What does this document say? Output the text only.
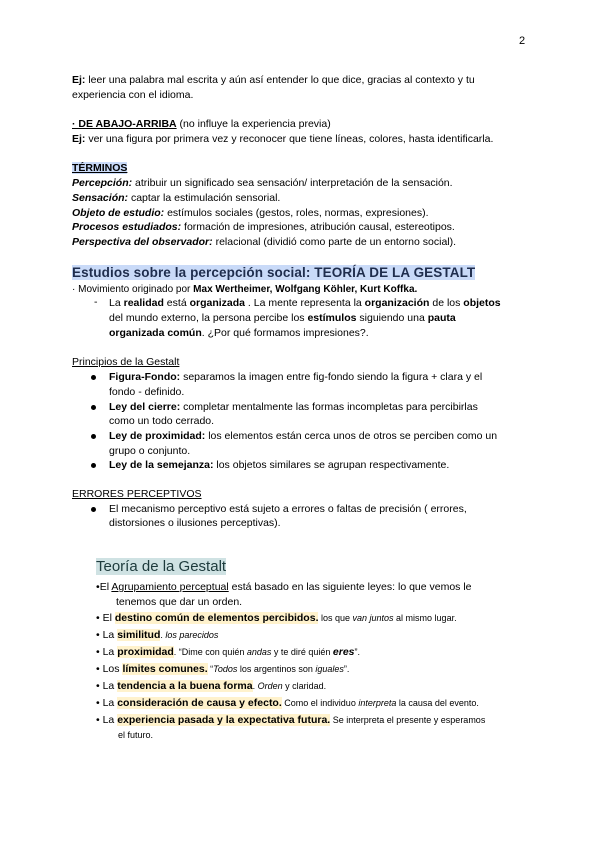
2
Ej: leer una palabra mal escrita y aún así entender lo que dice, gracias al contexto y tu
experiencia con el idioma.
· DE ABAJO-ARRIBA (no influye la experiencia previa)
Ej: ver una figura por primera vez y reconocer que tiene líneas, colores, hasta identificarla.
TÉRMINOS
Percepción: atribuir un significado sea sensación/ interpretación de la sensación.
Sensación: captar la estimulación sensorial.
Objeto de estudio: estímulos sociales (gestos, roles, normas, expresiones).
Procesos estudiados: formación de impresiones, atribución causal, estereotipos.
Perspectiva del observador: relacional (dividió como parte de un entorno social).
Estudios sobre la percepción social: TEORÍA DE LA GESTALT
· Movimiento originado por Max Wertheimer, Wolfgang Köhler, Kurt Koffka.
- La realidad está organizada . La mente representa la organización de los objetos
del mundo externo, la persona percibe los estímulos siguiendo una pauta
organizada común. ¿Por qué formamos impresiones?.
Principios de la Gestalt
Figura-Fondo: separamos la imagen entre fig-fondo siendo la figura + clara y el
fondo - definido.
Ley del cierre: completar mentalmente las formas incompletas para percibirlas
como un todo cerrado.
Ley de proximidad: los elementos están cerca unos de otros se perciben como un
grupo o conjunto.
Ley de la semejanza: los objetos similares se agrupan respectivamente.
ERRORES PERCEPTIVOS
El mecanismo perceptivo está sujeto a errores o faltas de precisión ( errores,
distorsiones o ilusiones perceptivas).
Teoría de la Gestalt
•El Agrupamiento perceptual está basado en las siguiente leyes: lo que vemos le
tenemos que dar un orden.
• El destino común de elementos percibidos. los que van juntos al mismo lugar.
• La similitud. los parecidos
• La proximidad. “Dime con quién andas y te diré quién eres”.
• Los límites comunes. “Todos los argentinos son iguales”.
• La tendencia a la buena forma. Orden y claridad.
• La consideración de causa y efecto. Como el individuo interpreta la causa del evento.
• La experiencia pasada y la expectativa futura. Se interpreta el presente y esperamos
el futuro.
